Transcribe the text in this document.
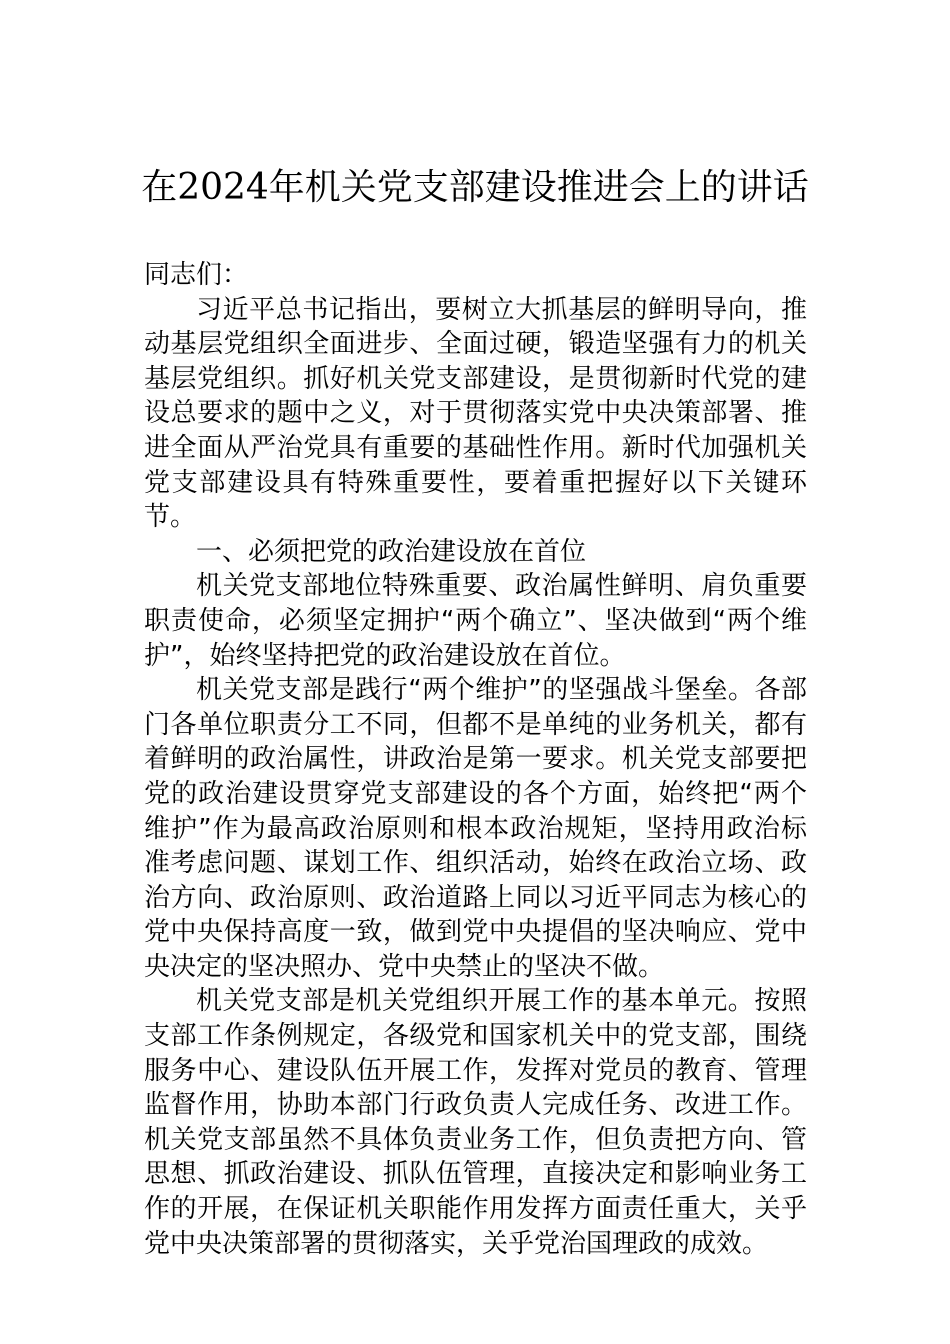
在2024年机关党支部建设推进会上的讲话

同志们：

习近平总书记指出，要树立大抓基层的鲜明导向，推动基层党组织全面进步、全面过硬，锻造坚强有力的机关基层党组织。抓好机关党支部建设，是贯彻新时代党的建设总要求的题中之义，对于贯彻落实党中央决策部署、推进全面从严治党具有重要的基础性作用。新时代加强机关党支部建设具有特殊重要性，要着重把握好以下关键环节。

一、必须把党的政治建设放在首位

机关党支部地位特殊重要、政治属性鲜明、肩负重要职责使命，必须坚定拥护“两个确立”、坚决做到“两个维护”，始终坚持把党的政治建设放在首位。

机关党支部是践行“两个维护”的坚强战斗堡垒。各部门各单位职责分工不同，但都不是单纯的业务机关，都有着鲜明的政治属性，讲政治是第一要求。机关党支部要把党的政治建设贯穿党支部建设的各个方面，始终把“两个维护”作为最高政治原则和根本政治规矩，坚持用政治标准考虑问题、谋划工作、组织活动，始终在政治立场、政治方向、政治原则、政治道路上同以习近平同志为核心的党中央保持高度一致，做到党中央提倡的坚决响应、党中央决定的坚决照办、党中央禁止的坚决不做。

机关党支部是机关党组织开展工作的基本单元。按照支部工作条例规定，各级党和国家机关中的党支部，围绕服务中心、建设队伍开展工作，发挥对党员的教育、管理监督作用，协助本部门行政负责人完成任务、改进工作。机关党支部虽然不具体负责业务工作，但负责把方向、管思想、抓政治建设、抓队伍管理，直接决定和影响业务工作的开展，在保证机关职能作用发挥方面责任重大，关乎党中央决策部署的贯彻落实，关乎党治国理政的成效。
